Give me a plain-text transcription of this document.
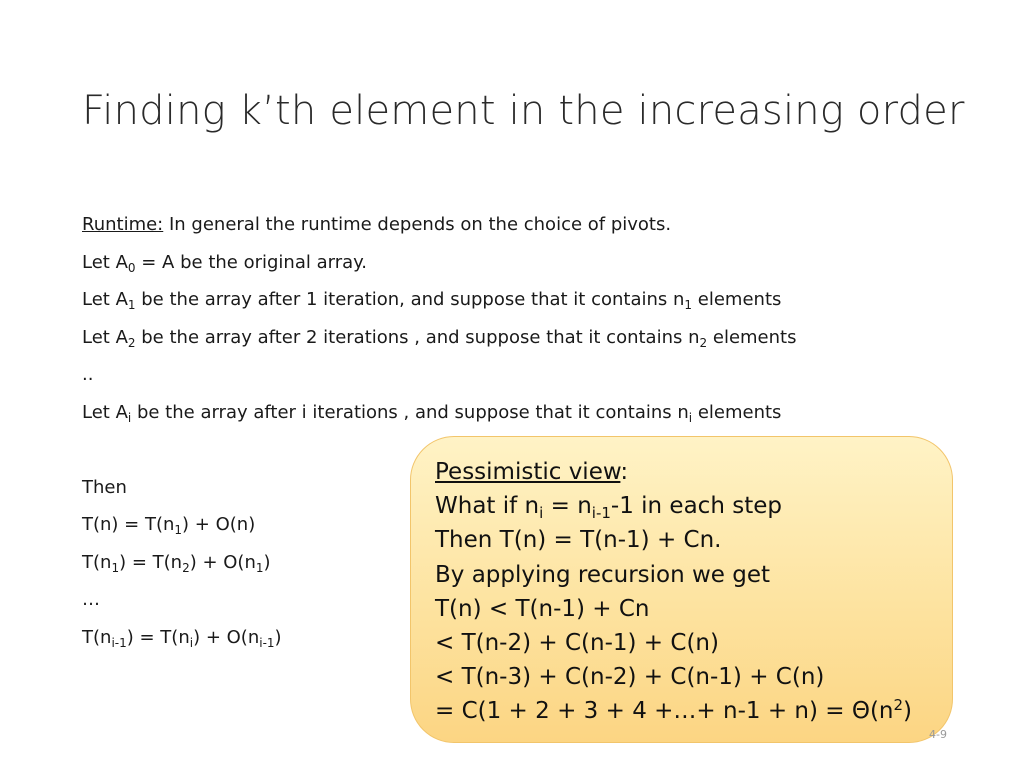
Finding k’th element in the increasing order
Runtime: In general the runtime depends on the choice of pivots.
Let $A_0 = A$ be the original array.
Let $A_1$ be the array after 1 iteration, and suppose that it contains $n_1$ elements
Let $A_2$ be the array after 2 iterations , and suppose that it contains $n_2$ elements
..
Let $A_i$ be the array after i iterations , and suppose that it contains $n_i$ elements
Then
$T(n) = T(n_1) + O(n)$
$T(n_1) = T(n_2) + O(n_1)$
…
$T(n_{i-1}) = T(n_i) + O(n_{i-1})$
Pessimistic view:
What if $n_i = n_{i-1}-1$ in each step
Then T(n) = T(n-1) + Cn.
By applying recursion we get
T(n) < T(n-1) + Cn
< T(n-2) + C(n-1) + C(n)
< T(n-3) + C(n-2) + C(n-1) + C(n)
= C(1 + 2 + 3 + 4 +…+ $n-1 + n) = \Theta(n^2)$
4-9
